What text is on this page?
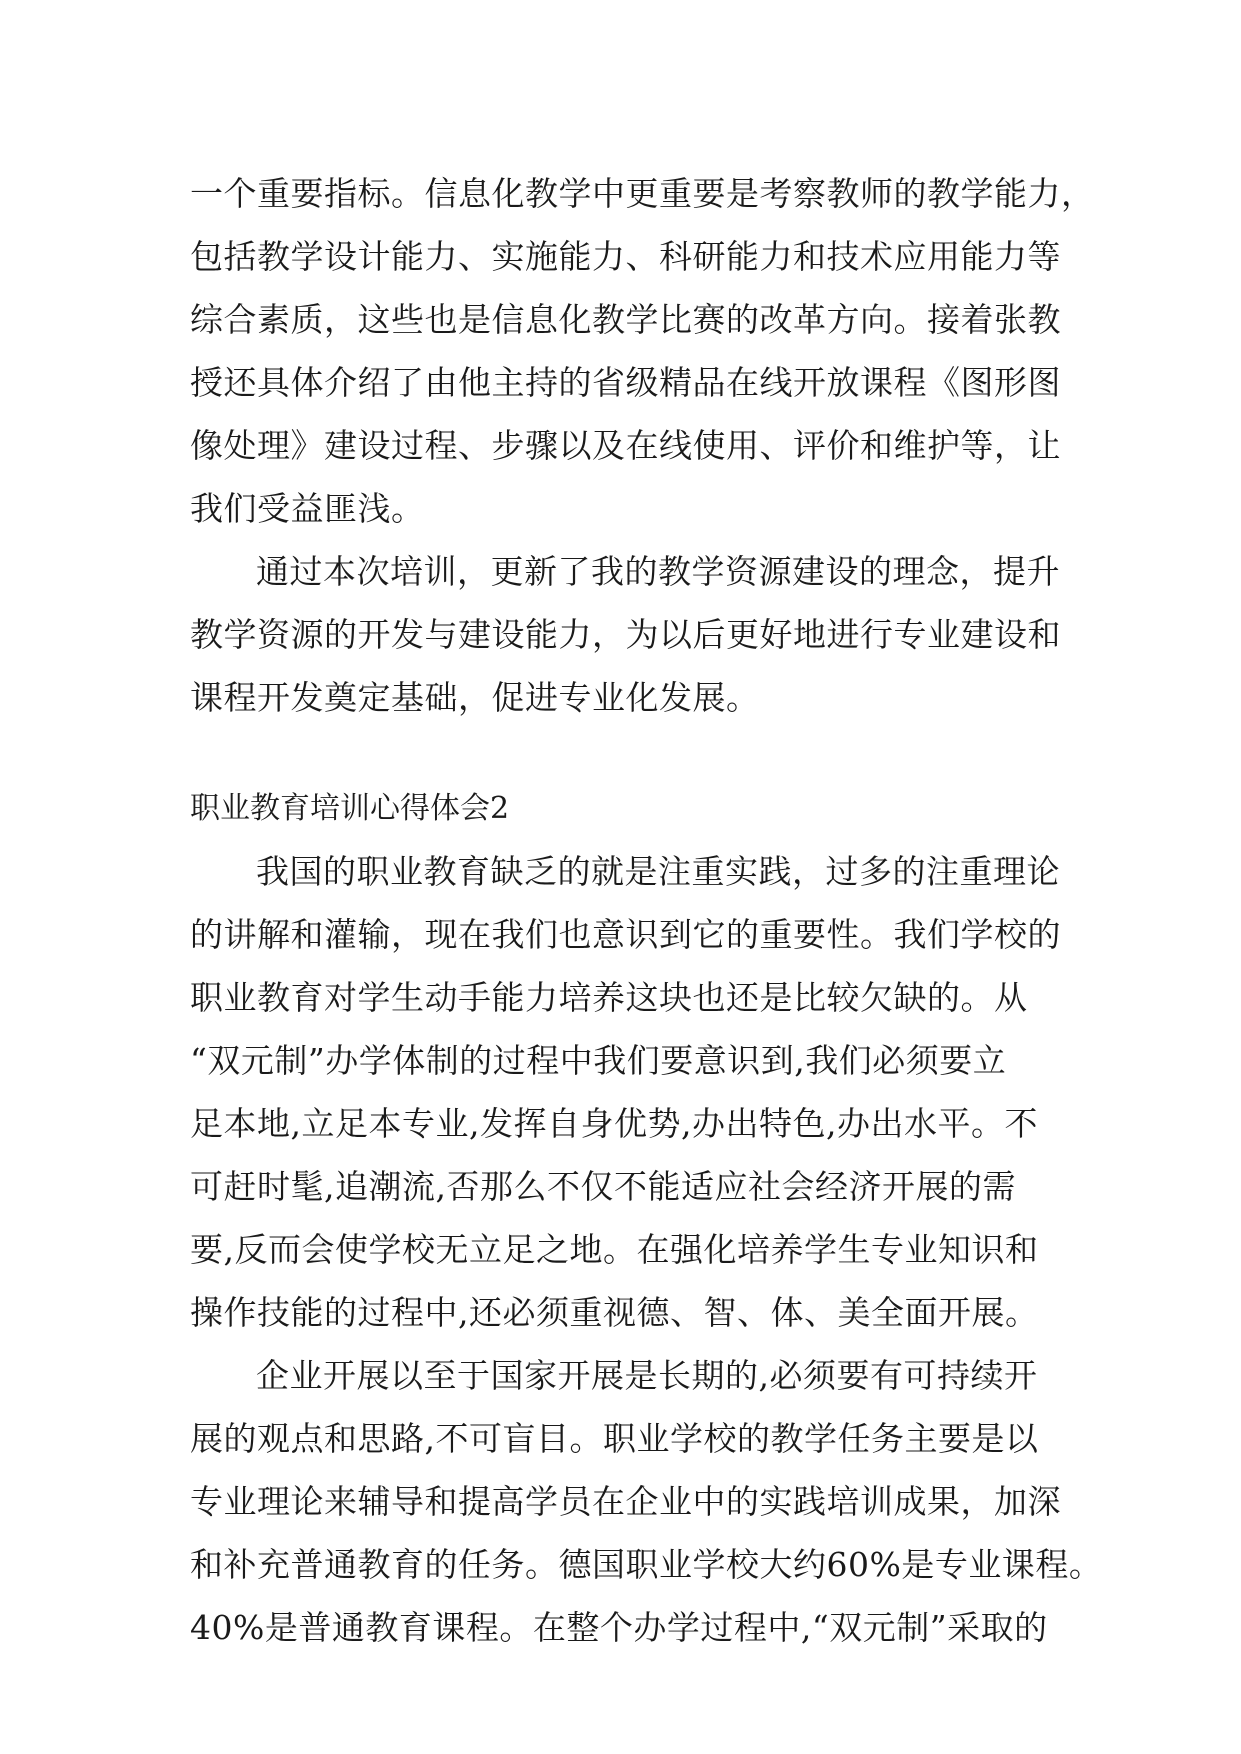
一个重要指标。信息化教学中更重要是考察教师的教学能力，
包括教学设计能力、实施能力、科研能力和技术应用能力等
综合素质，这些也是信息化教学比赛的改革方向。接着张教
授还具体介绍了由他主持的省级精品在线开放课程《图形图
像处理》建设过程、步骤以及在线使用、评价和维护等，让
我们受益匪浅。
通过本次培训，更新了我的教学资源建设的理念，提升
教学资源的开发与建设能力，为以后更好地进行专业建设和
课程开发奠定基础，促进专业化发展。
职业教育培训心得体会2
我国的职业教育缺乏的就是注重实践，过多的注重理论
的讲解和灌输，现在我们也意识到它的重要性。我们学校的
职业教育对学生动手能力培养这块也还是比较欠缺的。从
“双元制”办学体制的过程中我们要意识到,我们必须要立
足本地,立足本专业,发挥自身优势,办出特色,办出水平。不
可赶时髦,追潮流,否那么不仅不能适应社会经济开展的需
要,反而会使学校无立足之地。在强化培养学生专业知识和
操作技能的过程中,还必须重视德、智、体、美全面开展。
企业开展以至于国家开展是长期的,必须要有可持续开
展的观点和思路,不可盲目。职业学校的教学任务主要是以
专业理论来辅导和提高学员在企业中的实践培训成果，加深
和补充普通教育的任务。德国职业学校大约60%是专业课程。
40%是普通教育课程。在整个办学过程中,“双元制”采取的
